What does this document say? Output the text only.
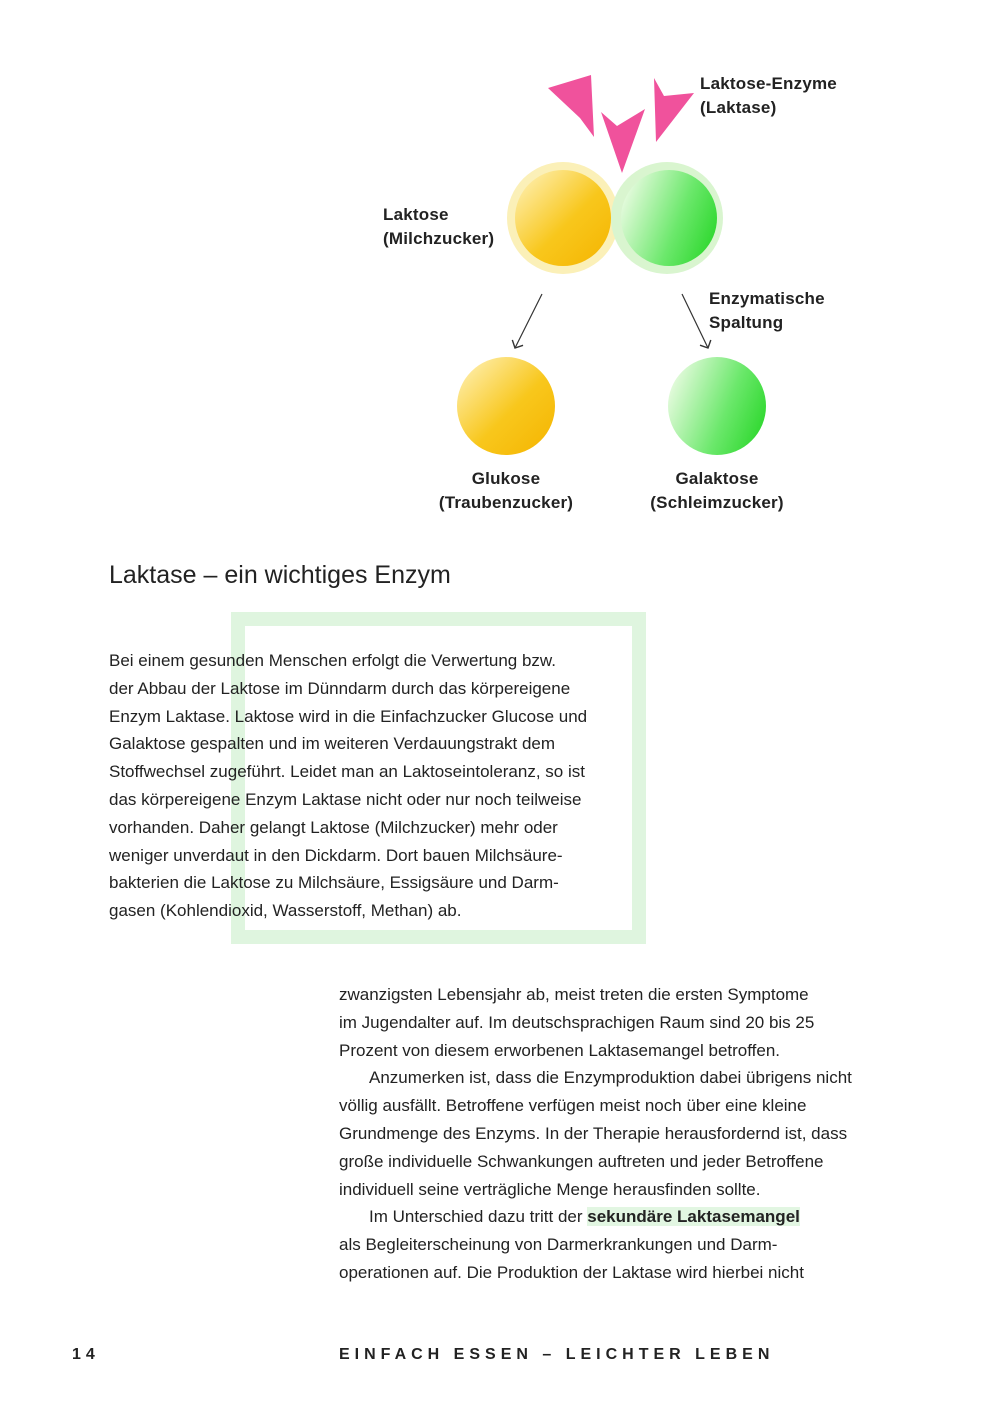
Laktose-Enzyme
(Laktase)
Laktose
(Milchzucker)
Enzymatische
Spaltung
Glukose
(Traubenzucker)
Galaktose
(Schleimzucker)
Laktase – ein wichtiges Enzym
Bei einem gesunden Menschen erfolgt die Verwertung bzw.
der Abbau der Laktose im Dünndarm durch das körpereigene
Enzym Laktase. Laktose wird in die Einfachzucker Glucose und
Galaktose gespalten und im weiteren Verdauungstrakt dem
Stoffwechsel zugeführt. Leidet man an Laktoseintoleranz, so ist
das körpereigene Enzym Laktase nicht oder nur noch teilweise
vorhanden. Daher gelangt Laktose (Milchzucker) mehr oder
weniger unverdaut in den Dickdarm. Dort bauen Milchsäure-
bakterien die Laktose zu Milchsäure, Essigsäure und Darm-
gasen (Kohlendioxid, Wasserstoff, Methan) ab.
zwanzigsten Lebensjahr ab, meist treten die ersten Symptome
im Jugendalter auf. Im deutschsprachigen Raum sind 20 bis 25
Prozent von diesem erworbenen Laktasemangel betroffen.
Anzumerken ist, dass die Enzymproduktion dabei übrigens nicht
völlig ausfällt. Betroffene verfügen meist noch über eine kleine
Grundmenge des Enzyms. In der Therapie herausfordernd ist, dass
große individuelle Schwankungen auftreten und jeder Betroffene
individuell seine verträgliche Menge herausfinden sollte.
Im Unterschied dazu tritt der sekundäre Laktasemangel
als Begleiterscheinung von Darmerkrankungen und Darm-
operationen auf. Die Produktion der Laktase wird hierbei nicht
14	EINFACH ESSEN – LEICHTER LEBEN
